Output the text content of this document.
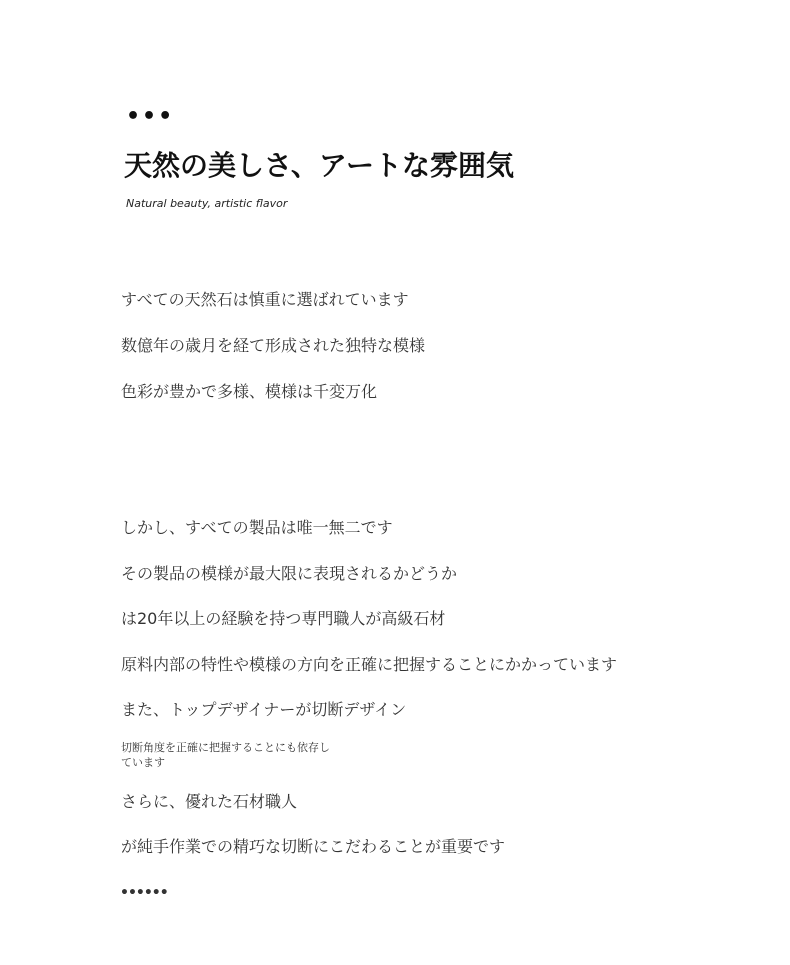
•••
天然の美しさ、アートな雰囲気
Natural beauty, artistic flavor
すべての天然石は慎重に選ばれています
数億年の歳月を経て形成された独特な模様
色彩が豊かで多様、模様は千変万化
しかし、すべての製品は唯一無二です
その製品の模様が最大限に表現されるかどうか
は20年以上の経験を持つ専門職人が高級石材
原料内部の特性や模様の方向を正確に把握することにかかっています
また、トップデザイナーが切断デザイン
切断角度を正確に把握することにも依存し
ています
さらに、優れた石材職人
が純手作業での精巧な切断にこだわることが重要です
••••••
